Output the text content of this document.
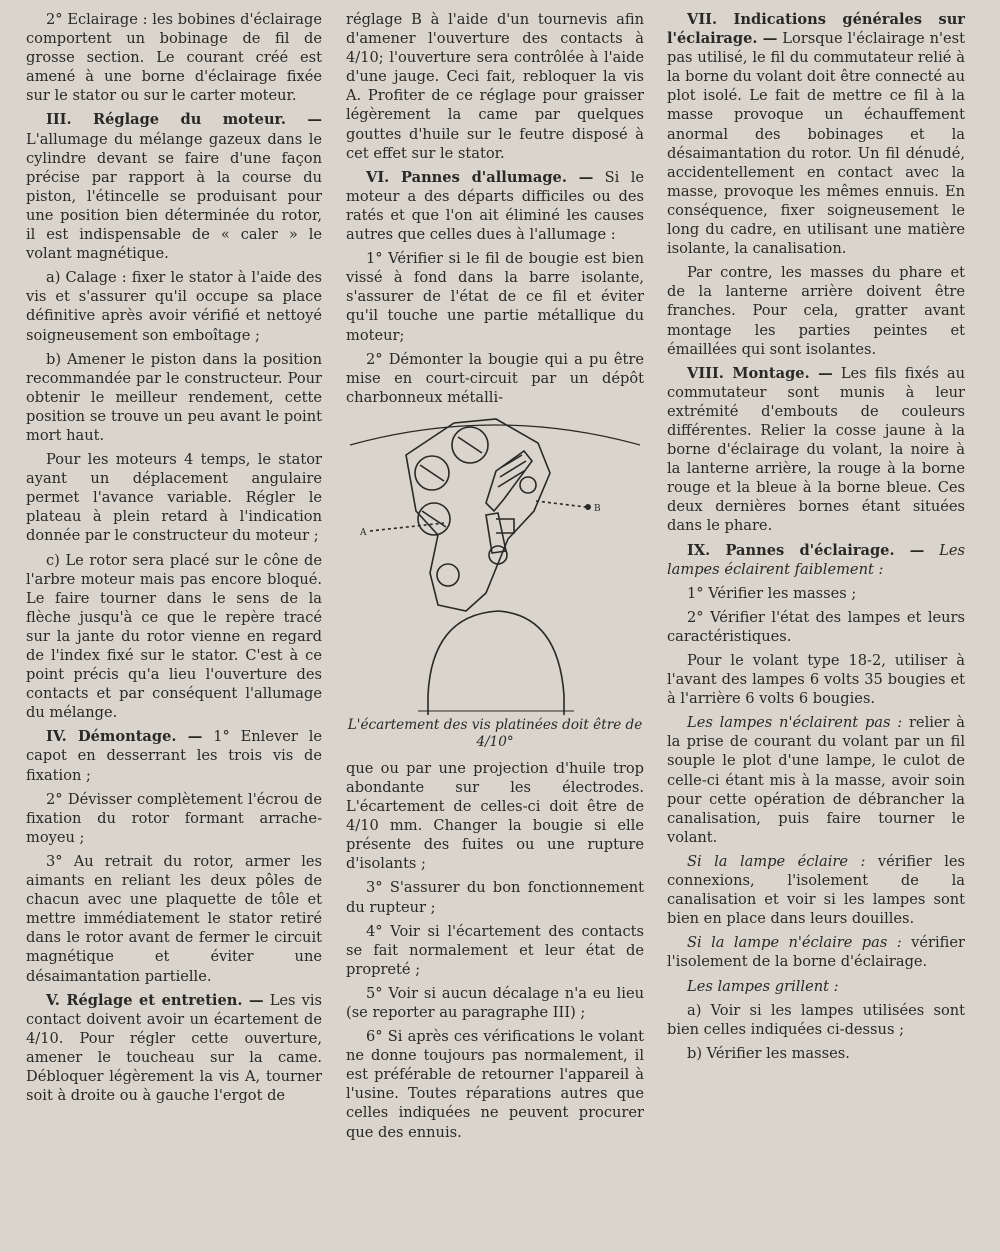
2° Eclairage : les bobines d'éclairage comportent un bobinage de fil de grosse section. Le courant créé est amené à une borne d'éclairage fixée sur le stator ou sur le carter moteur.

III. Réglage du moteur. — L'allumage du mélange gazeux dans le cylindre devant se faire d'une façon précise par rapport à la course du piston, l'étincelle se produisant pour une position bien déterminée du rotor, il est indispensable de « caler » le volant magnétique.

a) Calage : fixer le stator à l'aide des vis et s'assurer qu'il occupe sa place définitive après avoir vérifié et nettoyé soigneusement son emboîtage ;

b) Amener le piston dans la position recommandée par le constructeur. Pour obtenir le meilleur rendement, cette position se trouve un peu avant le point mort haut.

Pour les moteurs 4 temps, le stator ayant un déplacement angulaire permet l'avance variable. Régler le plateau à plein retard à l'indication donnée par le constructeur du moteur ;

c) Le rotor sera placé sur le cône de l'arbre moteur mais pas encore bloqué. Le faire tourner dans le sens de la flèche jusqu'à ce que le repère tracé sur la jante du rotor vienne en regard de l'index fixé sur le stator. C'est à ce point précis qu'a lieu l'ouverture des contacts et par conséquent l'allumage du mélange.

IV. Démontage. — 1° Enlever le capot en desserrant les trois vis de fixation ;

2° Dévisser complètement l'écrou de fixation du rotor formant arrache-moyeu ;

3° Au retrait du rotor, armer les aimants en reliant les deux pôles de chacun avec une plaquette de tôle et mettre immédiatement le stator retiré dans le rotor avant de fermer le circuit magnétique et éviter une désaimantation partielle.

V. Réglage et entretien. — Les vis contact doivent avoir un écartement de 4/10. Pour régler cette ouverture, amener le toucheau sur la came. Débloquer légèrement la vis A, tourner soit à droite ou à gauche l'ergot de

réglage B à l'aide d'un tournevis afin d'amener l'ouverture des contacts à 4/10; l'ouverture sera contrôlée à l'aide d'une jauge. Ceci fait, rebloquer la vis A. Profiter de ce réglage pour graisser légèrement la came par quelques gouttes d'huile sur le feutre disposé à cet effet sur le stator.

VI. Pannes d'allumage. — Si le moteur a des départs difficiles ou des ratés et que l'on ait éliminé les causes autres que celles dues à l'allumage :

1° Vérifier si le fil de bougie est bien vissé à fond dans la barre isolante, s'assurer de l'état de ce fil et éviter qu'il touche une partie métallique du moteur;

2° Démonter la bougie qui a pu être mise en court-circuit par un dépôt charbonneux métalli-

A
B
L'écartement des vis platinées doit être de 4/10°

que ou par une projection d'huile trop abondante sur les électrodes. L'écartement de celles-ci doit être de 4/10 mm. Changer la bougie si elle présente des fuites ou une rupture d'isolants ;

3° S'assurer du bon fonctionnement du rupteur ;

4° Voir si l'écartement des contacts se fait normalement et leur état de propreté ;

5° Voir si aucun décalage n'a eu lieu (se reporter au paragraphe III) ;

6° Si après ces vérifications le volant ne donne toujours pas normalement, il est préférable de retourner l'appareil à l'usine. Toutes réparations autres que celles indiquées ne peuvent procurer que des ennuis.

VII. Indications générales sur l'éclairage. — Lorsque l'éclairage n'est pas utilisé, le fil du commutateur relié à la borne du volant doit être connecté au plot isolé. Le fait de mettre ce fil à la masse provoque un échauffement anormal des bobinages et la désaimantation du rotor. Un fil dénudé, accidentellement en contact avec la masse, provoque les mêmes ennuis. En conséquence, fixer soigneusement le long du cadre, en utilisant une matière isolante, la canalisation.

Par contre, les masses du phare et de la lanterne arrière doivent être franches. Pour cela, gratter avant montage les parties peintes et émaillées qui sont isolantes.

VIII. Montage. — Les fils fixés au commutateur sont munis à leur extrémité d'embouts de couleurs différentes. Relier la cosse jaune à la borne d'éclairage du volant, la noire à la lanterne arrière, la rouge à la borne rouge et la bleue à la borne bleue. Ces deux dernières bornes étant situées dans le phare.

IX. Pannes d'éclairage. — Les lampes éclairent faiblement :

1° Vérifier les masses ;

2° Vérifier l'état des lampes et leurs caractéristiques.

Pour le volant type 18-2, utiliser à l'avant des lampes 6 volts 35 bougies et à l'arrière 6 volts 6 bougies.

Les lampes n'éclairent pas : relier à la prise de courant du volant par un fil souple le plot d'une lampe, le culot de celle-ci étant mis à la masse, avoir soin pour cette opération de débrancher la canalisation, puis faire tourner le volant.

Si la lampe éclaire : vérifier les connexions, l'isolement de la canalisation et voir si les lampes sont bien en place dans leurs douilles.

Si la lampe n'éclaire pas : vérifier l'isolement de la borne d'éclairage.

Les lampes grillent :

a) Voir si les lampes utilisées sont bien celles indiquées ci-dessus ;

b) Vérifier les masses.
